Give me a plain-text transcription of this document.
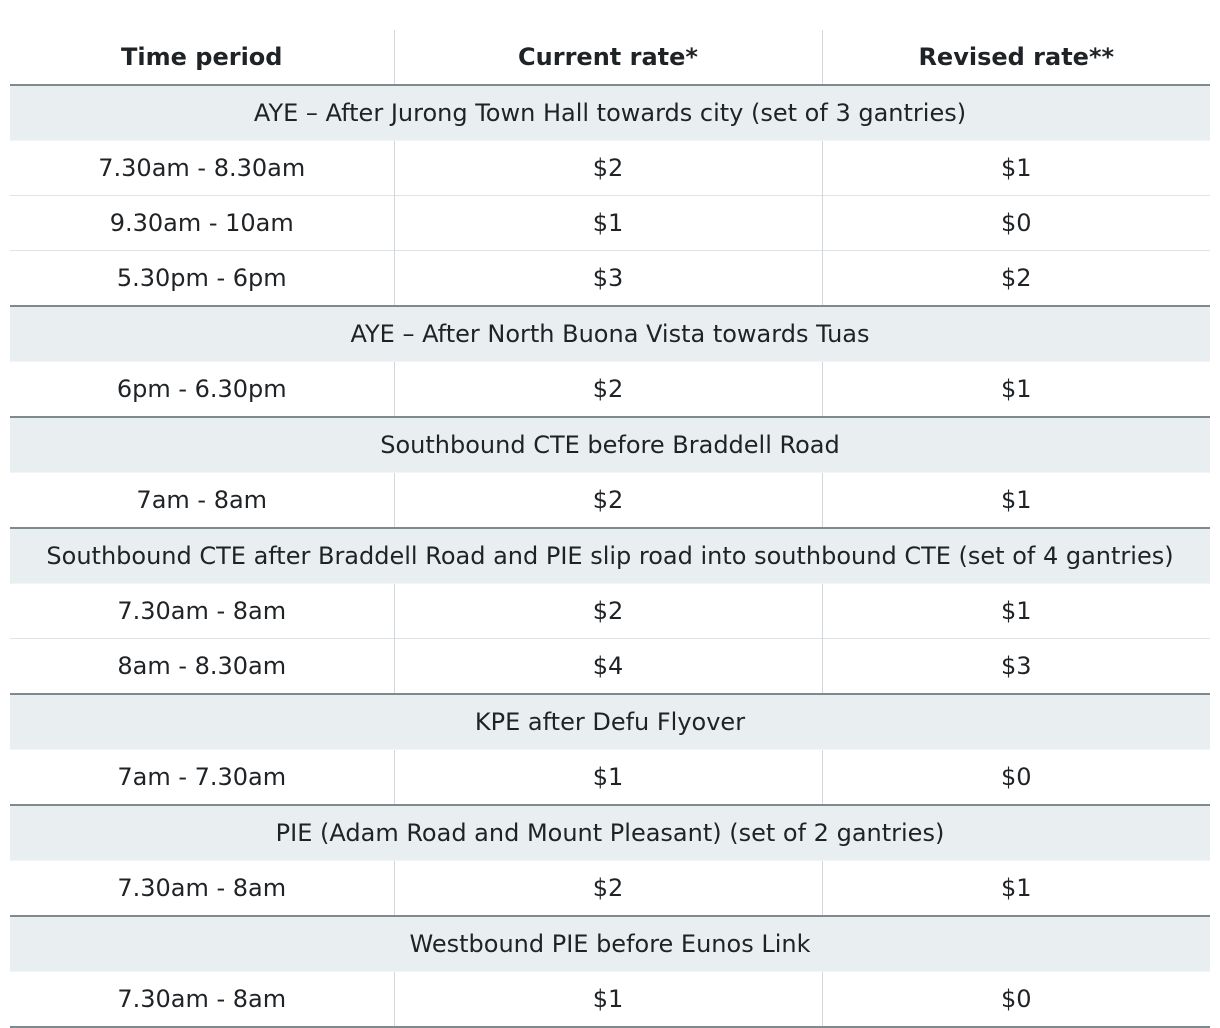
Time period	Current rate*	Revised rate**
AYE – After Jurong Town Hall towards city (set of 3 gantries)		
7.30am - 8.30am	$2	$1
9.30am - 10am	$1	$0
5.30pm - 6pm	$3	$2
AYE – After North Buona Vista towards Tuas		
6pm - 6.30pm	$2	$1
Southbound CTE before Braddell Road		
7am - 8am	$2	$1
Southbound CTE after Braddell Road and PIE slip road into southbound CTE (set of 4 gantries)		
7.30am - 8am	$2	$1
8am - 8.30am	$4	$3
KPE after Defu Flyover		
7am - 7.30am	$1	$0
PIE (Adam Road and Mount Pleasant) (set of 2 gantries)		
7.30am - 8am	$2	$1
Westbound PIE before Eunos Link		
7.30am - 8am	$1	$0
